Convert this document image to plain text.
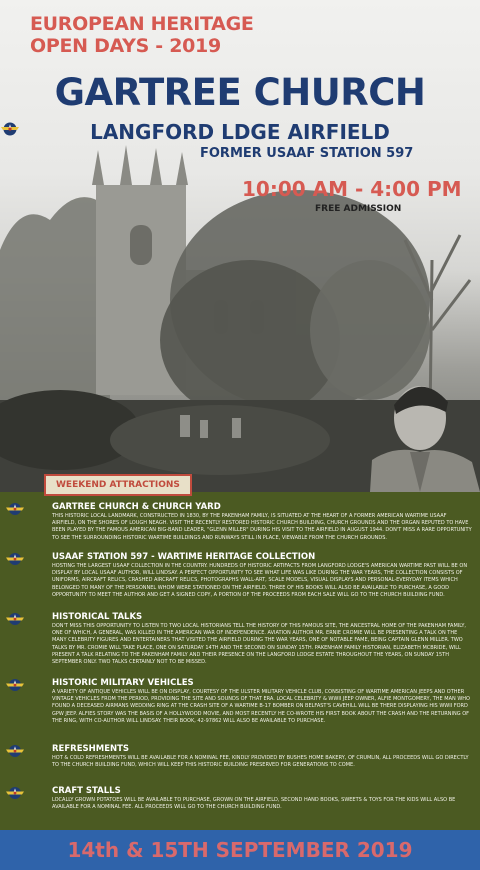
EUROPEAN HERITAGE
OPEN DAYS - 2019
GARTREE CHURCH
LANGFORD L
DGE AIRFIELD
FORMER USAAF STATION 597
10:00 AM - 4:00 PM
FREE ADMISSION
WEEKEND ATTRACTIONS
GARTREE CHURCH & CHURCH YARD
THIS HISTORIC LOCAL LANDMARK, CONSTRUCTED IN 1830, BY THE PAKENHAM FAMILY, IS SITUATED AT THE HEART OF A FORMER AMERICAN WARTIME USAAF AIRFIELD, ON THE SHORES OF LOUGH NEAGH. VISIT THE RECENTLY RESTORED HISTORIC CHURCH BUILDING, CHURCH GROUNDS AND THE ORGAN REPUTED TO HAVE BEEN PLAYED BY THE FAMOUS AMERICAN BIG-BAND LEADER, "GLENN MILLER" DURING HIS VISIT TO THE AIRFIELD IN AUGUST 1944. DON'T MISS A RARE OPPORTUNITY TO SEE THE SURROUNDING HISTORIC WARTIME BUILDINGS AND RUNWAYS STILL IN PLACE, VIEWABLE FROM THE CHURCH GROUNDS.
USAAF STATION 597 - WARTIME HERITAGE COLLECTION
HOSTING THE LARGEST USAAF COLLECTION IN THE COUNTRY. HUNDREDS OF HISTORIC ARTIFACTS FROM LANGFORD LODGE'S AMERICAN WARTIME PAST WILL BE ON DISPLAY BY LOCAL USAAF AUTHOR, WILL LINDSAY. A PERFECT OPPORTUNITY TO SEE WHAT LIFE WAS LIKE DURING THE WAR YEARS, THE COLLECTION CONSISTS OF UNIFORMS, AIRCRAFT RELICS, CRASHED AIRCRAFT RELICS, PHOTOGRAPHS WALL-ART, SCALE MODELS, VISUAL DISPLAYS AND PERSONAL-EVERYDAY ITEMS WHICH BELONGED TO MANY OF THE PERSONNEL WHOM WERE STATIONED ON THE AIRFIELD. THREE OF HIS BOOKS WILL ALSO BE AVAILABLE TO PURCHASE, A GOOD OPPORTUNITY TO MEET THE AUTHOR AND GET A SIGNED COPY, A PORTION OF THE PROCEEDS FROM EACH SALE WILL GO TO THE CHURCH BUILDING FUND.
HISTORICAL TALKS
DON'T MISS THIS OPPORTUNITY TO LISTEN TO TWO LOCAL HISTORIANS TELL THE HISTORY OF THIS FAMOUS SITE, THE ANCESTRAL HOME OF THE PAKENHAM FAMILY, ONE OF WHICH, A GENERAL, WAS KILLED IN THE AMERICAN WAR OF INDEPENDENCE. AVIATION AUTHOR MR. ERNIE CROMIE WILL BE PRESENTING A TALK ON THE MANY CELEBRITY FIGURES AND ENTERTAINERS THAT VISITED THE AIRFIELD DURING THE WAR YEARS, ONE OF NOTABLE FAME, BEING CAPTAIN GLENN MILLER. TWO TALKS BY MR. CROMIE WILL TAKE PLACE, ONE ON SATURDAY 14TH AND THE SECOND ON SUNDAY 15TH. PAKENHAM FAMILY HISTORIAN, ELIZABETH MCBRIDE, WILL PRESENT A TALK RELATING TO THE PAKENHAM FAMILY AND THEIR PRESENCE ON THE LANGFORD LODGE ESTATE THROUGHOUT THE YEARS, ON SUNDAY 15TH SEPTEMBER ONLY. TWO TALKS CERTAINLY NOT TO BE MISSED.
HISTORIC MILITARY VEHICLES
A VARIETY OF ANTIQUE VEHICLES WILL BE ON DISPLAY, COURTESY OF THE ULSTER MILITARY VEHICLE CLUB, CONSISTING OF WARTIME AMERICAN JEEPS AND OTHER VINTAGE VEHICLES FROM THE PERIOD, PROVIDING THE SITE AND SOUNDS OF THAT ERA. LOCAL CELEBRITY & WWII JEEP OWNER, ALFIE MONTGOMERY, THE MAN WHO FOUND A DECEASED AIRMANS WEDDING RING AT THE CRASH SITE OF A WARTIME B-17 BOMBER ON BELFAST'S CAVEHILL WILL BE THERE DISPLAYING HIS WWII FORD GPW JEEP. ALFIES STORY WAS THE BASIS OF A HOLLYWOOD MOVIE, AND MOST RECENTLY HE CO-WROTE HIS FIRST BOOK ABOUT THE CRASH AND THE RETURNING OF THE RING, WITH CO-AUTHOR WILL LINDSAY. THEIR BOOK, 42-97862 WILL ALSO BE AVAILABLE TO PURCHASE.
REFRESHMENTS
HOT & COLD REFRESHMENTS WILL BE AVAILABLE FOR A NOMINAL FEE, KINDLY PROVIDED BY BUSHES HOME BAKERY, OF CRUMLIN, ALL PROCEEDS WILL GO DIRECTLY TO THE CHURCH BUILDING FUND, WHICH WILL KEEP THIS HISTORIC BUILDING PRESERVED FOR GENERATIONS TO COME.
CRAFT STALLS
LOCALLY GROWN POTATOES WILL BE AVAILABLE TO PURCHASE, GROWN ON THE AIRFIELD, SECOND HAND BOOKS, SWEETS & TOYS FOR THE KIDS WILL ALSO BE AVAILABLE FOR A NOMINAL FEE. ALL PROCEEDS WILL GO TO THE CHURCH BUILDING FUND.
14th & 15TH SEPTEMBER 2019
